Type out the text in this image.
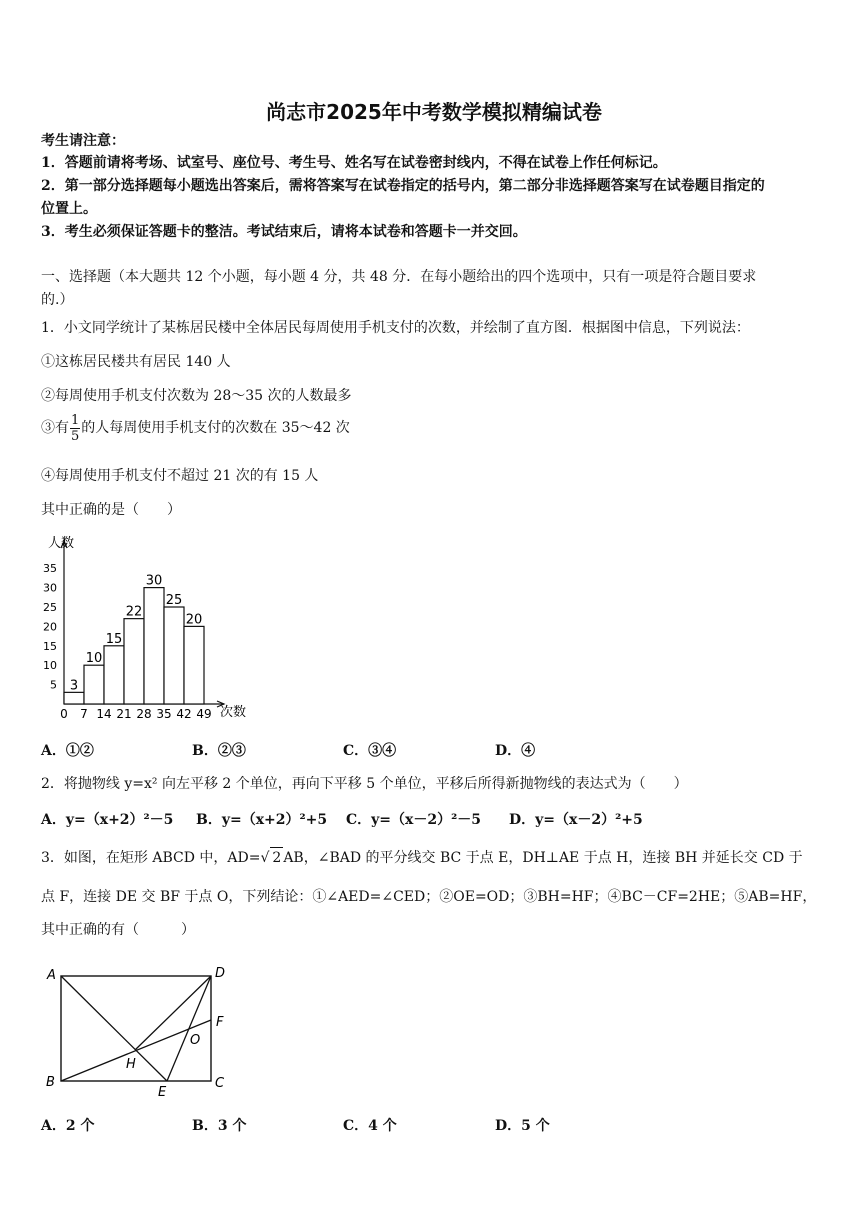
尚志市2025年中考数学模拟精编试卷
考生请注意：
1．答题前请将考场、试室号、座位号、考生号、姓名写在试卷密封线内，不得在试卷上作任何标记。
2．第一部分选择题每小题选出答案后，需将答案写在试卷指定的括号内，第二部分非选择题答案写在试卷题目指定的
位置上。
3．考生必须保证答题卡的整洁。考试结束后，请将本试卷和答题卡一并交回。
一、选择题（本大题共 12 个小题，每小题 4 分，共 48 分．在每小题给出的四个选项中，只有一项是符合题目要求
的.）
1．小文同学统计了某栋居民楼中全体居民每周使用手机支付的次数，并绘制了直方图．根据图中信息，下列说法：
①这栋居民楼共有居民 140 人
②每周使用手机支付次数为 28～35 次的人数最多
③有 $\frac{1}{5}$ 的人每周使用手机支付的次数在 35～42 次
④每周使用手机支付不超过 21 次的有 15 人
其中正确的是（　　）
人数
次数
5
10
15
20
25
30
35
0 7 14 21 28 35 42 49
3
10
15
22
30
25
20
A．①②	B．②③	C．③④	D．④
2．将抛物线 y=x² 向左平移 2 个单位，再向下平移 5 个单位，平移后所得新抛物线的表达式为（　　）
A．y=（x+2）²－5 B．y=（x+2）²+5 C．y=（x－2）²－5 D．y=（x－2）²+5
3．如图，在矩形 ABCD 中，AD=√ 2 AB，∠BAD 的平分线交 BC 于点 E，DH⊥AE 于点 H，连接 BH 并延长交 CD 于
点 F，连接 DE 交 BF 于点 O，下列结论：①∠AED=∠CED；②OE=OD；③BH=HF；④BC－CF=2HE；⑤AB=HF，
其中正确的有（　　　）
A	D
F
O
H
B
E
C
A．2 个	B．3 个	C．4 个	D．5 个
